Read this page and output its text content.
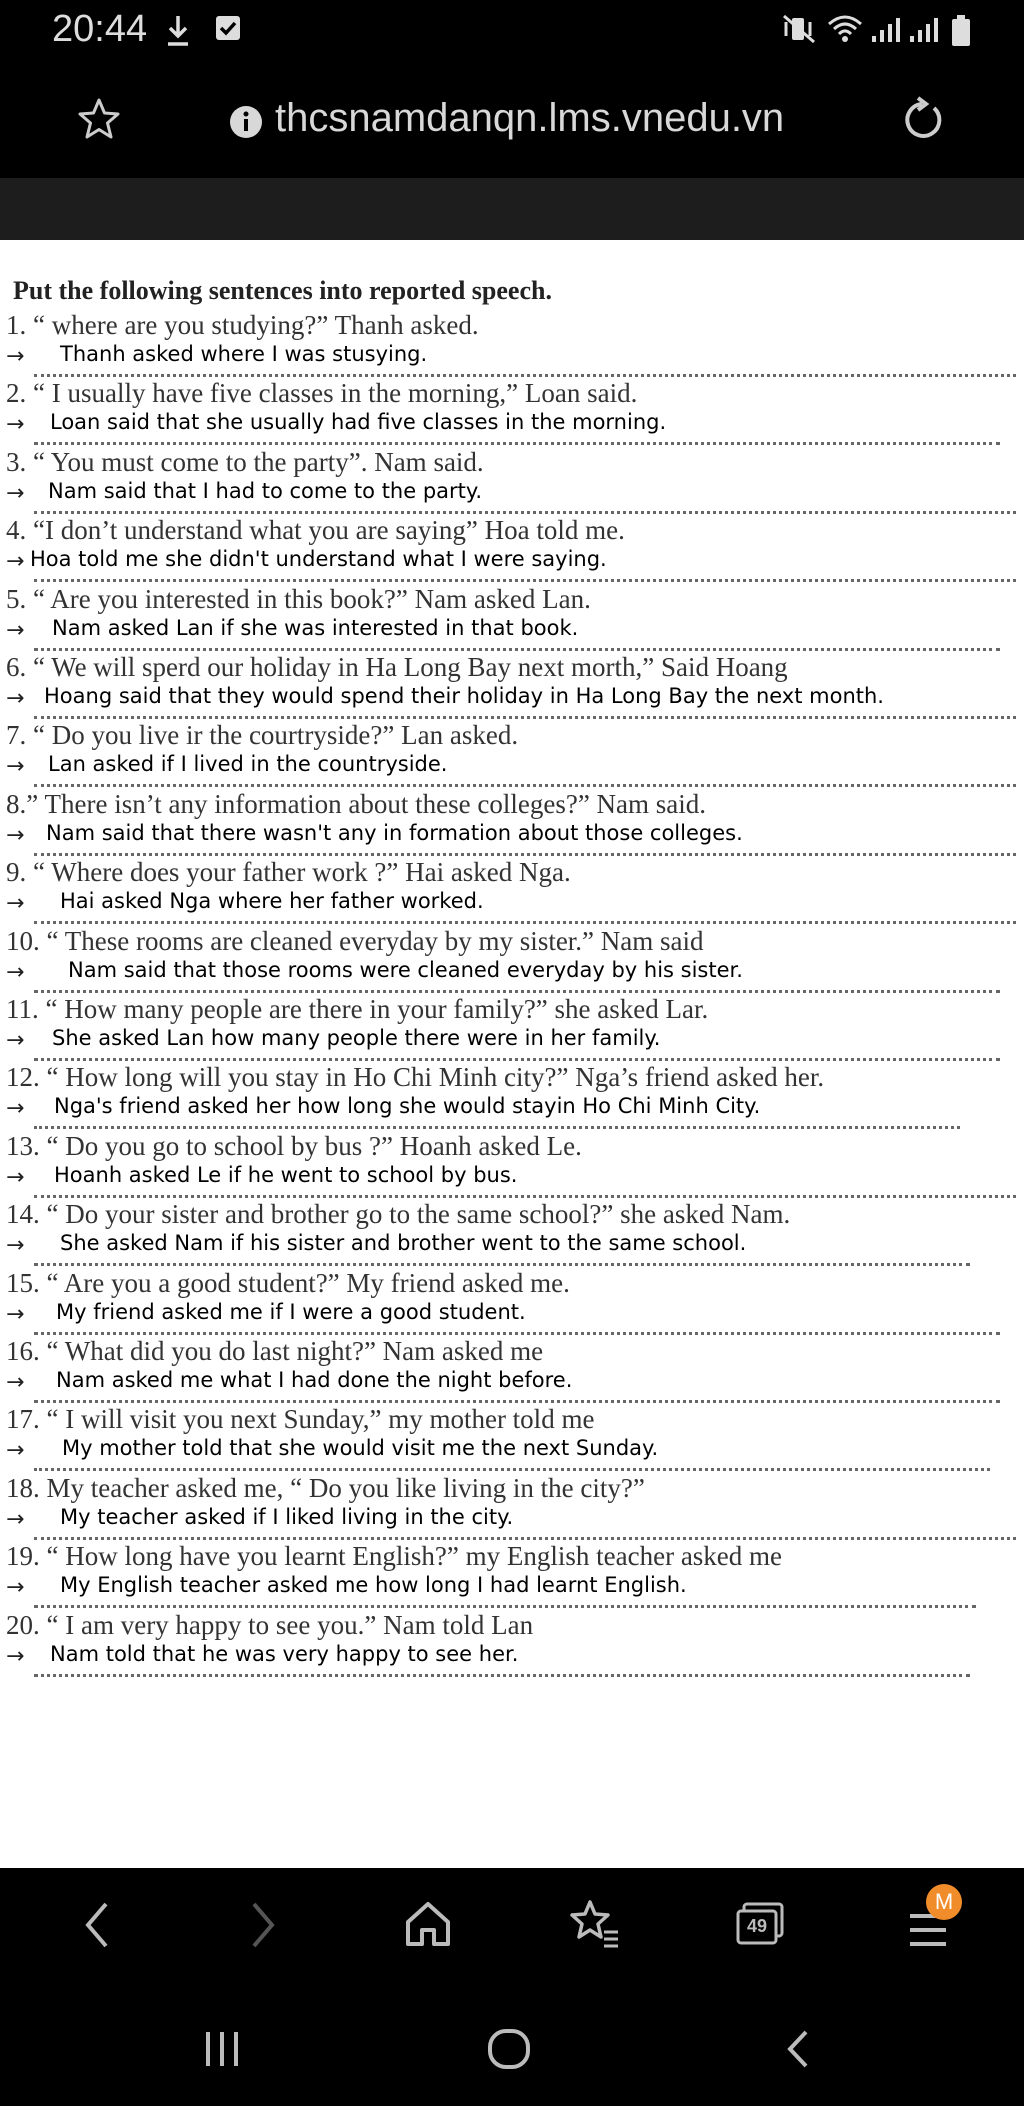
20:44
thcsnamdanqn.lms.vnedu.vn
Put the following sentences into reported speech.
1. “ where are you studying?” Thanh asked.
→ Thanh asked where I was stusying.
2. “ I usually have five classes in the morning,” Loan said.
→ Loan said that she usually had five classes in the morning.
3. “ You must come to the party”. Nam said.
→ Nam said that I had to come to the party.
4. “I don’t understand what you are saying” Hoa told me.
→ Hoa told me she didn't understand what I were saying.
5. “ Are you interested in this book?” Nam asked Lan.
→ Nam asked Lan if she was interested in that book.
6. “ We will sperd our holiday in Ha Long Bay next morth,” Said Hoang
→ Hoang said that they would spend their holiday in Ha Long Bay the next month.
7. “ Do you live ir the courtryside?” Lan asked.
→ Lan asked if I lived in the countryside.
8.” There isn’t any information about these colleges?” Nam said.
→ Nam said that there wasn't any in formation about those colleges.
9. “ Where does your father work ?” Hai asked Nga.
→ Hai asked Nga where her father worked.
10. “ These rooms are cleaned everyday by my sister.” Nam said
→ Nam said that those rooms were cleaned everyday by his sister.
11. “ How many people are there in your family?” she asked Lar.
→ She asked Lan how many people there were in her family.
12. “ How long will you stay in Ho Chi Minh city?” Nga’s friend asked her.
→ Nga's friend asked her how long she would stayin Ho Chi Minh City.
13. “ Do you go to school by bus ?” Hoanh asked Le.
→ Hoanh asked Le if he went to school by bus.
14. “ Do your sister and brother go to the same school?” she asked Nam.
→ She asked Nam if his sister and brother went to the same school.
15. “ Are you a good student?” My friend asked me.
→ My friend asked me if I were a good student.
16. “ What did you do last night?” Nam asked me
→ Nam asked me what I had done the night before.
17. “ I will visit you next Sunday,” my mother told me
→ My mother told that she would visit me the next Sunday.
18. My teacher asked me, “ Do you like living in the city?”
→ My teacher asked if I liked living in the city.
19. “ How long have you learnt English?” my English teacher asked me
→ My English teacher asked me how long I had learnt English.
20. “ I am very happy to see you.” Nam told Lan
→ Nam told that he was very happy to see her.
49
M
